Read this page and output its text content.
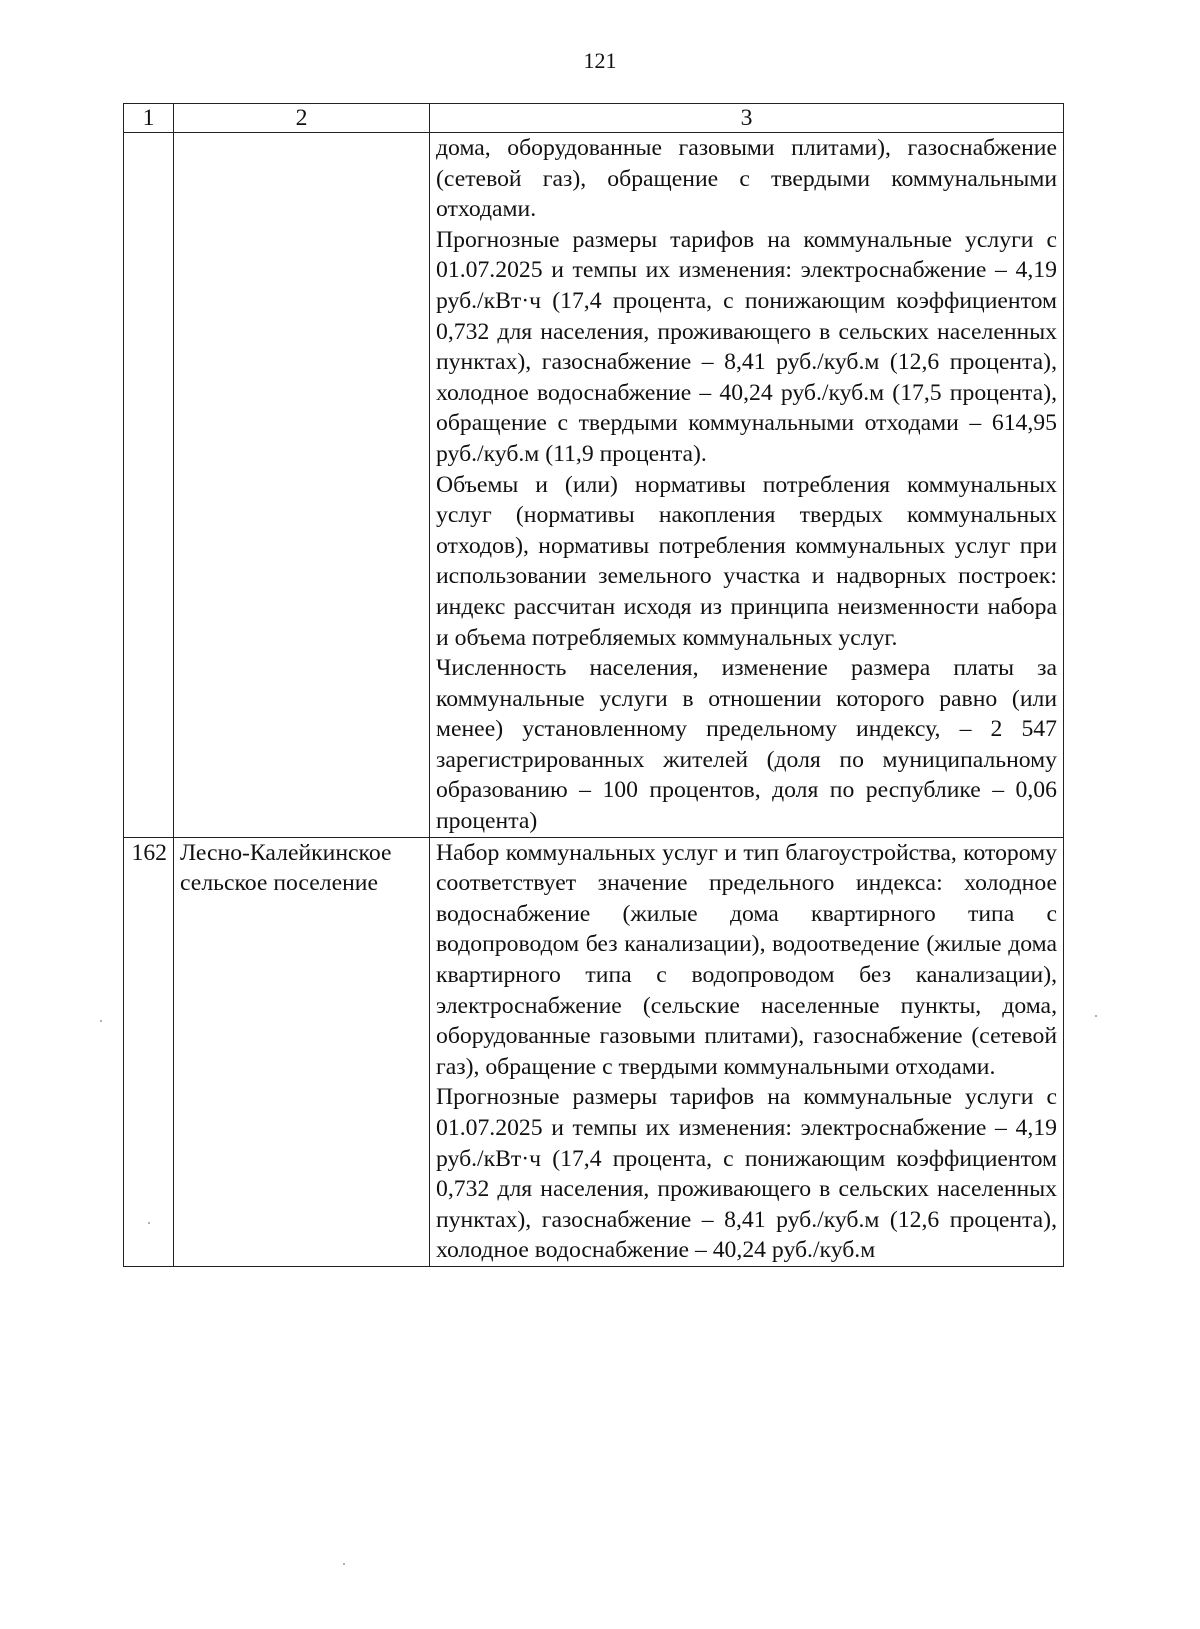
121
1	2	3

		дома, оборудованные газовыми плитами), газоснабжение (сетевой газ), обращение с твердыми коммунальными отходами.

Прогнозные размеры тарифов на коммунальные услуги с 01.07.2025 и темпы их изменения: электроснабжение – 4,19 руб./кВт·ч (17,4 процента, с понижающим коэффициентом 0,732 для населения, проживающего в сельских населенных пунктах), газоснабжение – 8,41 руб./куб.м (12,6 процента), холодное водоснабжение – 40,24 руб./куб.м (17,5 процента), обращение с твердыми коммунальными отходами – 614,95 руб./куб.м (11,9 процента).

Объемы и (или) нормативы потребления коммунальных услуг (нормативы накопления твердых коммунальных отходов), нормативы потребления коммунальных услуг при использовании земельного участка и надворных построек: индекс рассчитан исходя из принципа неизменности набора и объема потребляемых коммунальных услуг.

Численность населения, изменение размера платы за коммунальные услуги в отношении которого равно (или менее) установленному предельному индексу, – 2 547 зарегистрированных жителей (доля по муниципальному образованию – 100 процентов, доля по республике – 0,06 процента)

162	Лесно-Калейкинское сельское поселение	Набор коммунальных услуг и тип благоустройства, которому соответствует значение предельного индекса: холодное водоснабжение (жилые дома квартирного типа с водопроводом без канализации), водоотведение (жилые дома квартирного типа с водопроводом без канализации), электроснабжение (сельские населенные пункты, дома, оборудованные газовыми плитами), газоснабжение (сетевой газ), обращение с твердыми коммунальными отходами.

Прогнозные размеры тарифов на коммунальные услуги с 01.07.2025 и темпы их изменения: электроснабжение – 4,19 руб./кВт·ч (17,4 процента, с понижающим коэффициентом 0,732 для населения, проживающего в сельских населенных пунктах), газоснабжение – 8,41 руб./куб.м (12,6 процента), холодное водоснабжение – 40,24 руб./куб.м
